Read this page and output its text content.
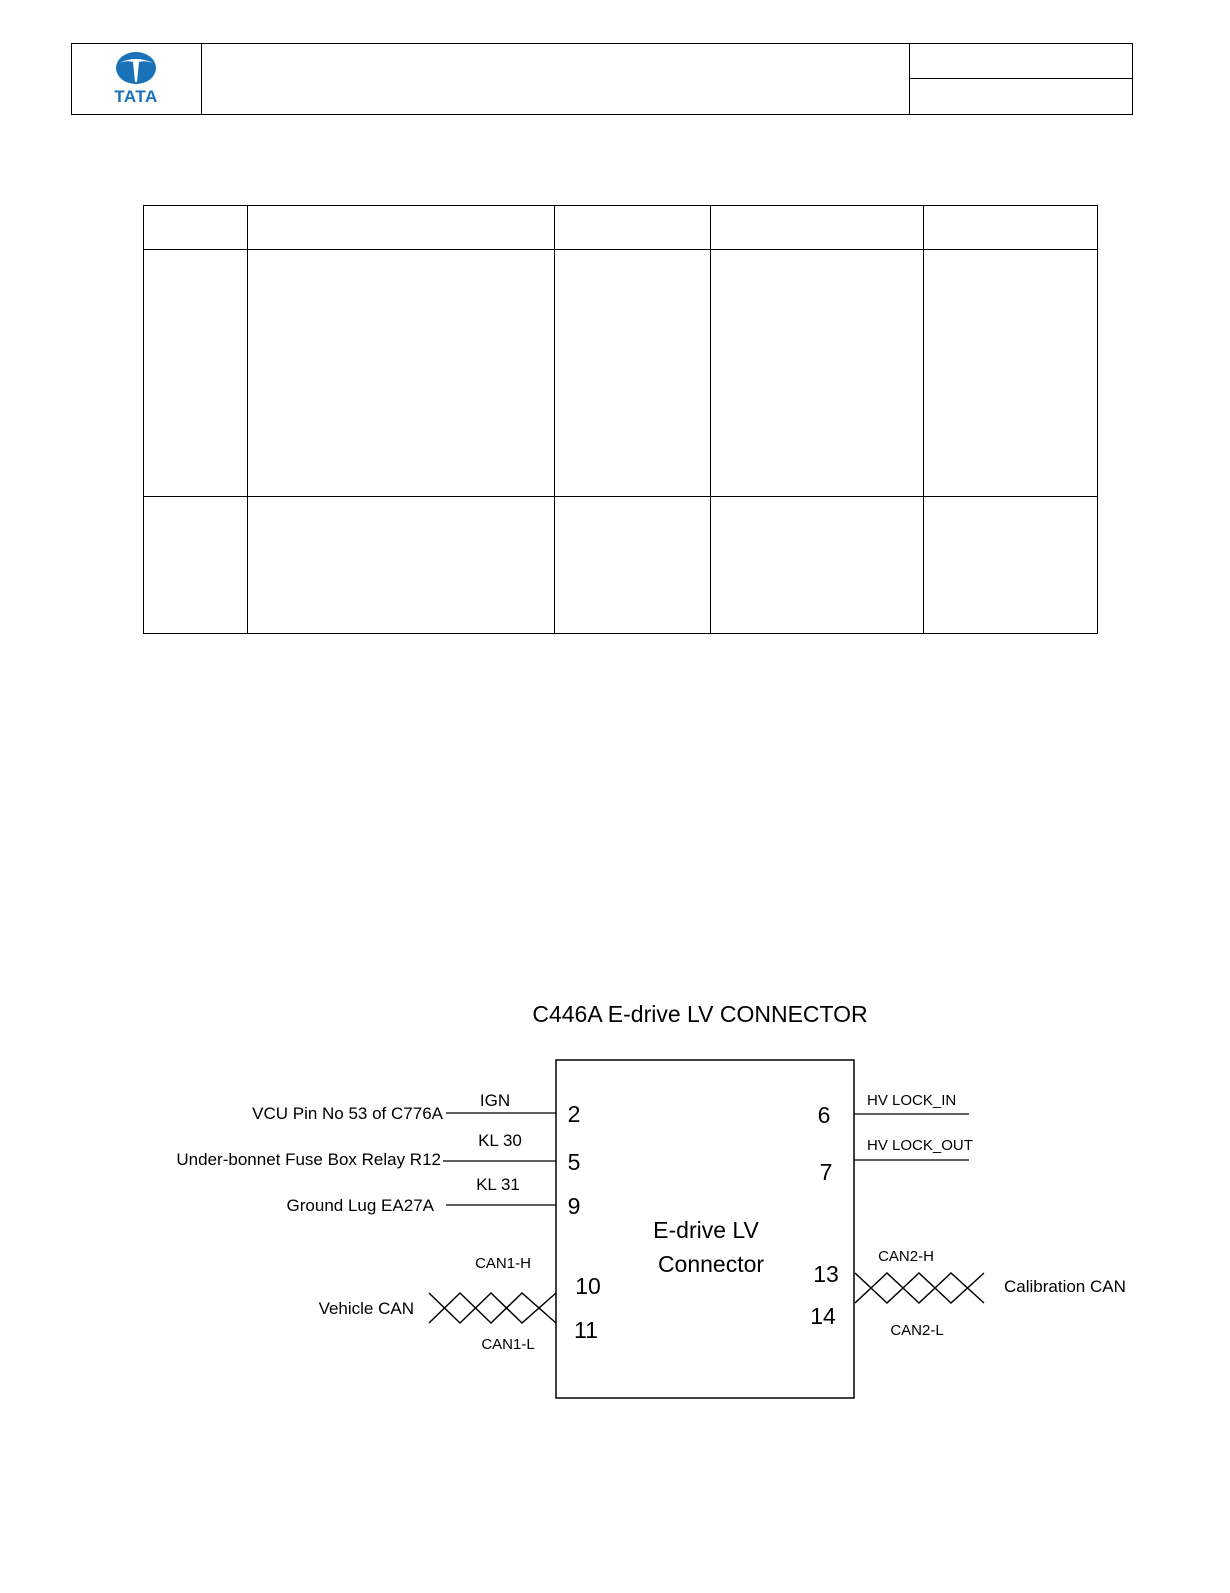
TATA

C446A E-drive LV CONNECTOR
E-drive LV
Connector
VCU Pin No 53 of C776A
IGN
2
Under-bonnet Fuse Box Relay R12
KL 30
5
Ground Lug EA27A
KL 31
9
HV LOCK_IN
6
HV LOCK_OUT
7
Vehicle CAN
CAN1-H
CAN1-L
10
11
Calibration CAN
CAN2-H
CAN2-L
13
14
